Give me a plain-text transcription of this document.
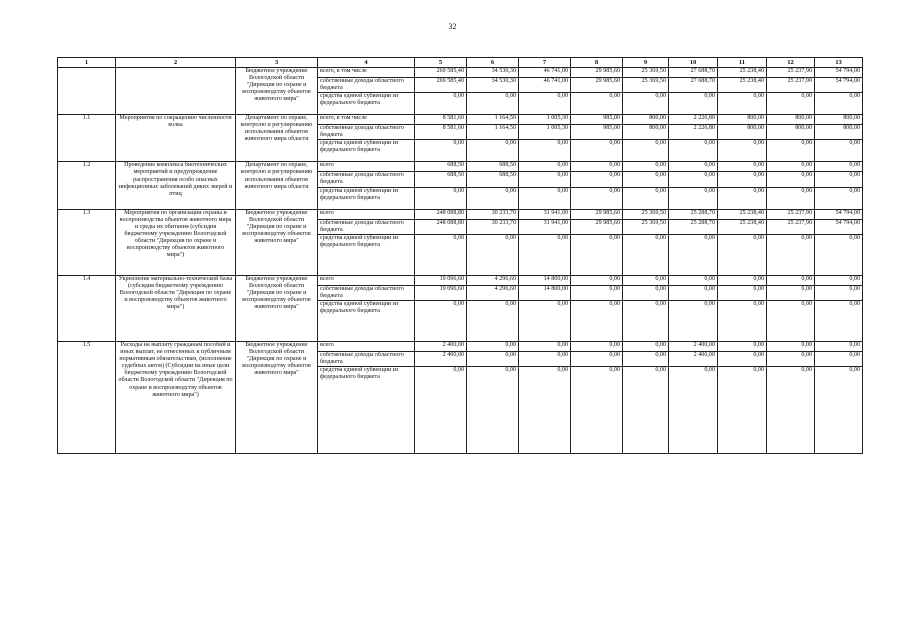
32
1	2	3	4	5	6	7	8	9	10	11	12	13
		Бюджетное учреждение Вологодской области "Дирекция по охране и воспроизводству объектов животного мира"	всего, в том числе	269 585,40	34 530,30	46 741,00	29 985,60	25 369,50	27 688,70	25 238,40	25 237,90	54 794,00
			собственные доходы областного бюджета	269 585,40	34 530,30	46 741,00	29 985,60	25 369,50	27 688,70	25 238,40	25 237,90	54 794,00
			средства единой субвенции из федерального бюджета	0,00	0,00	0,00	0,00	0,00	0,00	0,00	0,00	0,00
1.1	Мероприятия по сокращению численности волка	Департамент по охране, контролю и регулированию использования объектов животного мира области	всего, в том числе	8 581,60	1 164,50	1 005,30	985,00	800,00	2 226,80	800,00	800,00	800,00
			собственные доходы областного бюджета	8 581,60	1 164,50	1 005,30	985,00	800,00	2 226,80	800,00	800,00	800,00
			средства единой субвенции из федерального бюджета	0,00	0,00	0,00	0,00	0,00	0,00	0,00	0,00	0,00
1.2	Проведение комплекса биотехнических мероприятий и предупреждение распространения особо опасных инфекционных заболеваний диких зверей и птиц	Департамент по охране, контролю и регулированию использования объектов животного мира области	всего	688,50	688,50	0,00	0,00	0,00	0,00	0,00	0,00	0,00
			собственные доходы областного бюджета	688,50	688,50	0,00	0,00	0,00	0,00	0,00	0,00	0,00
			средства единой субвенции из федерального бюджета	0,00	0,00	0,00	0,00	0,00	0,00	0,00	0,00	0,00
1.3	Мероприятия по организации охраны и воспроизводства объектов животного мира и среды их обитания (субсидия бюджетному учреждению Вологодской области "Дирекция по охране и воспроизводству объектов животного мира")	Бюджетное учреждение Вологодской области "Дирекция по охране и воспроизводству объектов животного мира"	всего	248 088,80	30 233,70	31 941,00	29 985,60	25 369,50	25 288,70	25 238,40	25 237,90	54 794,00
			собственные доходы областного бюджета	248 088,80	30 233,70	31 941,00	29 985,60	25 369,50	25 288,70	25 238,40	25 237,90	54 794,00
			средства единой субвенции из федерального бюджета	0,00	0,00	0,00	0,00	0,00	0,00	0,00	0,00	0,00
1.4	Укрепление материально-технической базы (субсидия бюджетному учреждению Вологодской области "Дирекция по охране и воспроизводству объектов животного мира")	Бюджетное учреждение Вологодской области "Дирекция по охране и воспроизводству объектов животного мира"	всего	19 096,60	4 296,60	14 800,00	0,00	0,00	0,00	0,00	0,00	0,00
			собственные доходы областного бюджета	19 096,60	4 296,60	14 800,00	0,00	0,00	0,00	0,00	0,00	0,00
			средства единой субвенции из федерального бюджета	0,00	0,00	0,00	0,00	0,00	0,00	0,00	0,00	0,00
1.5	Расходы на выплату гражданам пособий и иных выплат, не отнесенных к публичным нормативным обязательствам, (исполнение судебных актов) (Субсидии на иные цели бюджетному учреждению Вологодской области Вологодской области "Дирекция по охране и воспроизводству объектов животного мира")	Бюджетное учреждение Вологодской области "Дирекция по охране и воспроизводству объектов животного мира"	всего	2 400,00	0,00	0,00	0,00	0,00	2 400,00	0,00	0,00	0,00
			собственные доходы областного бюджета	2 400,00	0,00	0,00	0,00	0,00	2 400,00	0,00	0,00	0,00
			средства единой субвенции из федерального бюджета	0,00	0,00	0,00	0,00	0,00	0,00	0,00	0,00	0,00
